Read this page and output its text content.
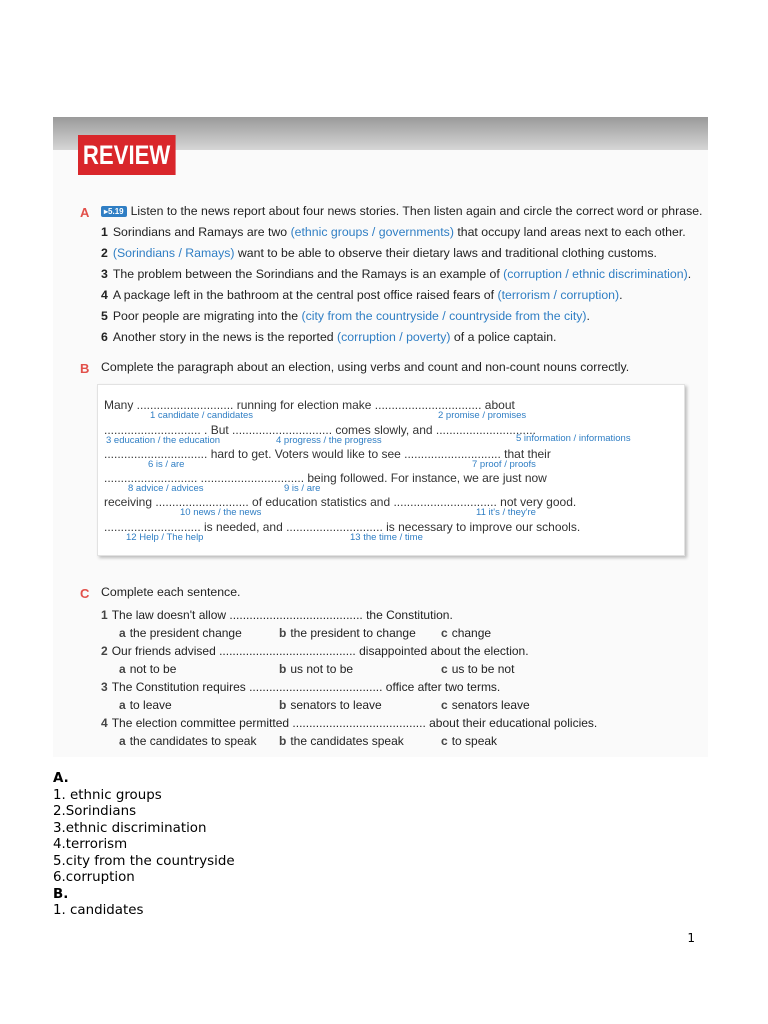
REVIEW
A	▸5.19 Listen to the news report about four news stories. Then listen again and circle the correct word or phrase.
1 Sorindians and Ramays are two (ethnic groups / governments) that occupy land areas next to each other.
2 (Sorindians / Ramays) want to be able to observe their dietary laws and traditional clothing customs.
3 The problem between the Sorindians and the Ramays is an example of (corruption / ethnic discrimination).
4 A package left in the bathroom at the central post office raised fears of (terrorism / corruption).
5 Poor people are migrating into the (city from the countryside / countryside from the city).
6 Another story in the news is the reported (corruption / poverty) of a police captain.
B Complete the paragraph about an election, using verbs and count and non-count nouns correctly.
Many ............................. running for election make ................................ about
1 candidate / candidates	2 promise / promises
............................. . But .............................. comes slowly, and ..............................
3 education / the education	4 progress / the progress	5 information / informations
............................... hard to get. Voters would like to see ............................. that their
6 is / are	7 proof / proofs
............................ ............................... being followed. For instance, we are just now
8 advice / advices	9 is / are
receiving ............................ of education statistics and ............................... not very good.
10 news / the news	11 it's / they're
............................. is needed, and ............................. is necessary to improve our schools.
12 Help / The help	13 the time / time
C Complete each sentence.
1 The law doesn't allow ........................................ the Constitution.
a the president change	b the president to change c change
2 Our friends advised ......................................... disappointed about the election.
a not to be	b us not to be	c us to be not
3 The Constitution requires ........................................ office after two terms.
a to leave	b senators to leave	c senators leave
4 The election committee permitted ........................................ about their educational policies.
a the candidates to speak b the candidates speak	c to speak
A.
1. ethnic groups
2.Sorindians
3.ethnic discrimination
4.terrorism
5.city from the countryside
6.corruption
B.
1. candidates
1
